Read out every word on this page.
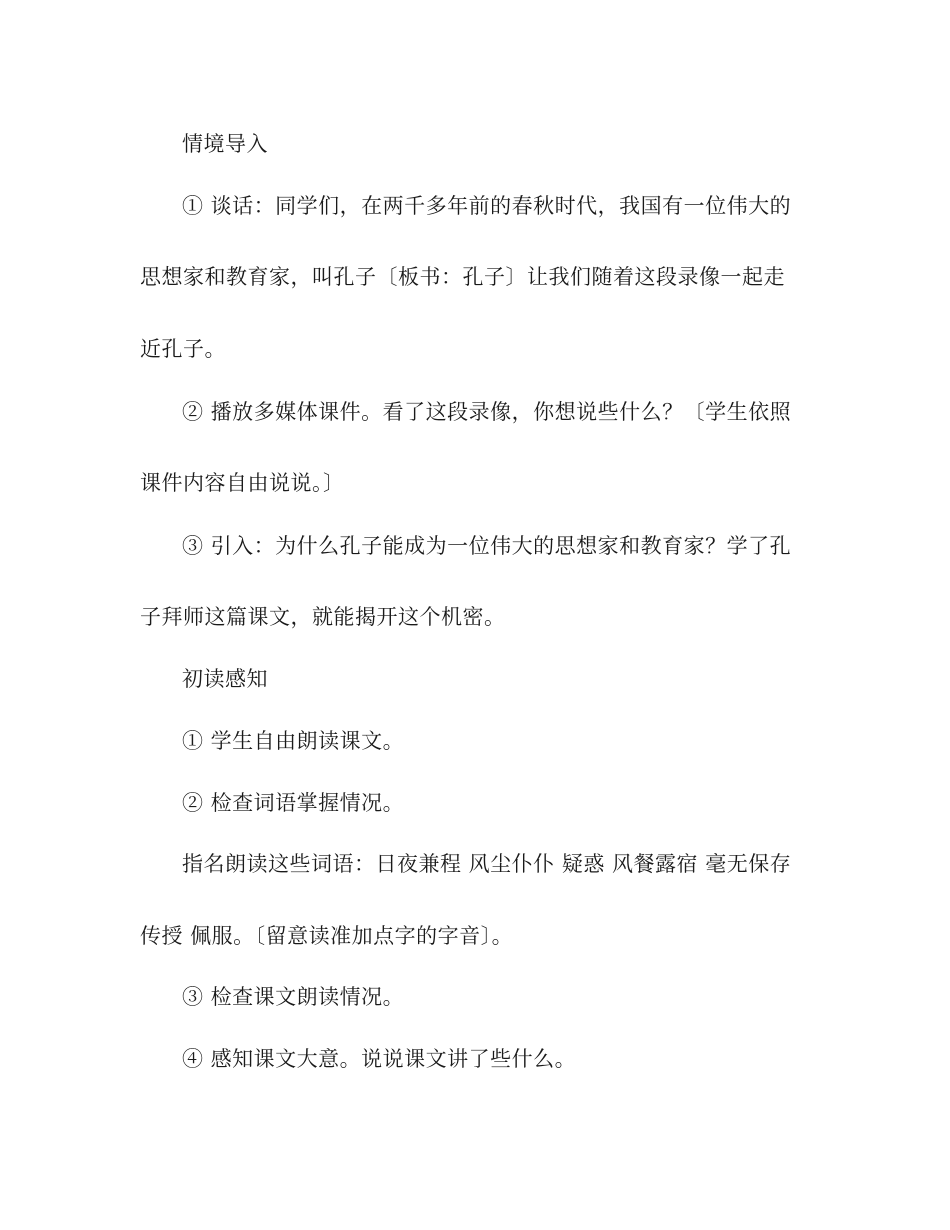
情境导入
① 谈话：同学们，在两千多年前的春秋时代，我国有一位伟大的
思想家和教育家，叫孔子〔板书：孔子〕让我们随着这段录像一起走
近孔子。
② 播放多媒体课件。看了这段录像，你想说些什么？〔学生依照
课件内容自由说说。〕
③ 引入：为什么孔子能成为一位伟大的思想家和教育家？学了孔
子拜师这篇课文，就能揭开这个机密。
初读感知
① 学生自由朗读课文。
② 检查词语掌握情况。
指名朗读这些词语：日夜兼程 风尘仆仆 疑惑 风餐露宿 毫无保存
传授 佩服。〔留意读准加点字的字音〕。
③ 检查课文朗读情况。
④ 感知课文大意。说说课文讲了些什么。
